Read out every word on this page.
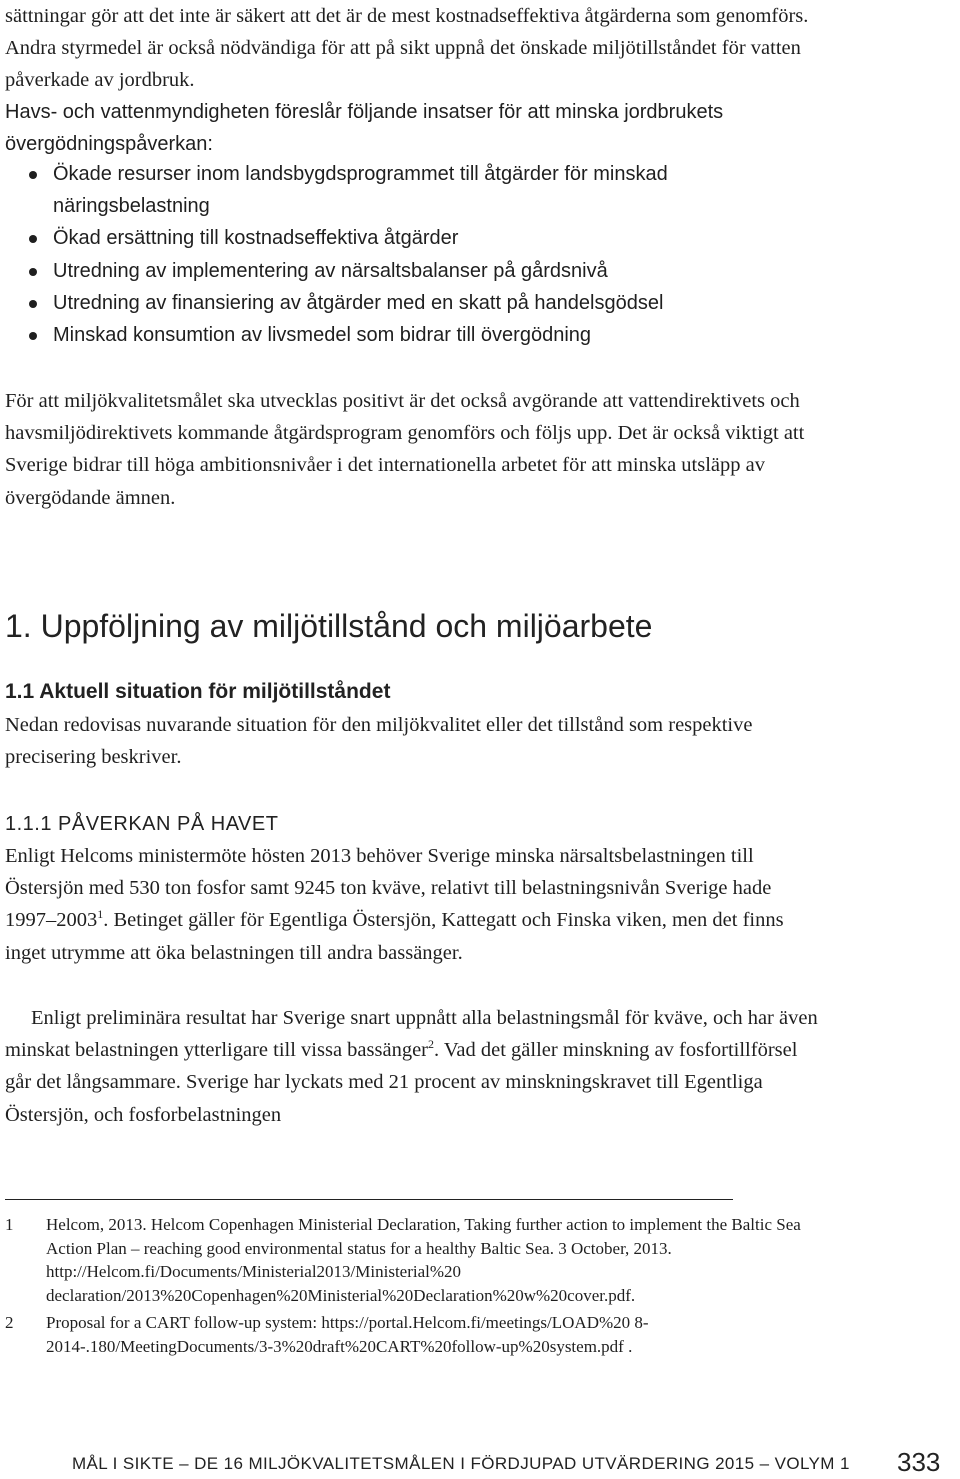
sättningar gör att det inte är säkert att det är de mest kostnadseffektiva åtgärderna som genomförs. Andra styrmedel är också nödvändiga för att på sikt uppnå det önskade miljötillståndet för vatten påverkade av jordbruk.

Havs- och vattenmyndigheten föreslår följande insatser för att minska jordbrukets övergödningspåverkan:

Ökade resurser inom landsbygdsprogrammet till åtgärder för minskad näringsbelastning
Ökad ersättning till kostnadseffektiva åtgärder
Utredning av implementering av närsaltsbalanser på gårdsnivå
Utredning av finansiering av åtgärder med en skatt på handelsgödsel
Minskad konsumtion av livsmedel som bidrar till övergödning

För att miljökvalitetsmålet ska utvecklas positivt är det också avgörande att vattendirektivets och havsmiljödirektivets kommande åtgärdsprogram genomförs och följs upp. Det är också viktigt att Sverige bidrar till höga ambitionsnivåer i det internationella arbetet för att minska utsläpp av övergödande ämnen.

1. Uppföljning av miljötillstånd och miljöarbete
1.1 Aktuell situation för miljötillståndet

Nedan redovisas nuvarande situation för den miljökvalitet eller det tillstånd som respektive precisering beskriver.

1.1.1 PÅVERKAN PÅ HAVET

Enligt Helcoms ministermöte hösten 2013 behöver Sverige minska närsaltsbelastningen till Östersjön med 530 ton fosfor samt 9245 ton kväve, relativt till belastningsnivån Sverige hade 1997–2003$^1$. Betinget gäller för Egentliga Östersjön, Kattegatt och Finska viken, men det finns inget utrymme att öka belastningen till andra bassänger.

Enligt preliminära resultat har Sverige snart uppnått alla belastningsmål för kväve, och har även minskat belastningen ytterligare till vissa bassänger$^2$. Vad det gäller minskning av fosfortillförsel går det långsammare. Sverige har lyckats med 21 procent av minskningskravet till Egentliga Östersjön, och fosforbelastningen

1 Helcom, 2013. Helcom Copenhagen Ministerial Declaration, Taking further action to implement the Baltic Sea Action Plan – reaching good environmental status for a healthy Baltic Sea. 3 October, 2013. http://Helcom.fi/Documents/Ministerial2013/Ministerial%20 declaration/2013%20Copenhagen%20Ministerial%20Declaration%20w%20cover.pdf.
2 Proposal for a CART follow-up system: https://portal.Helcom.fi/meetings/LOAD%20 8-2014-.180/MeetingDocuments/3-3%20draft%20CART%20follow-up%20system.pdf .
MÅL I SIKTE – DE 16 MILJÖKVALITETSMÅLEN I FÖRDJUPAD UTVÄRDERING 2015 – VOLYM 1 333
